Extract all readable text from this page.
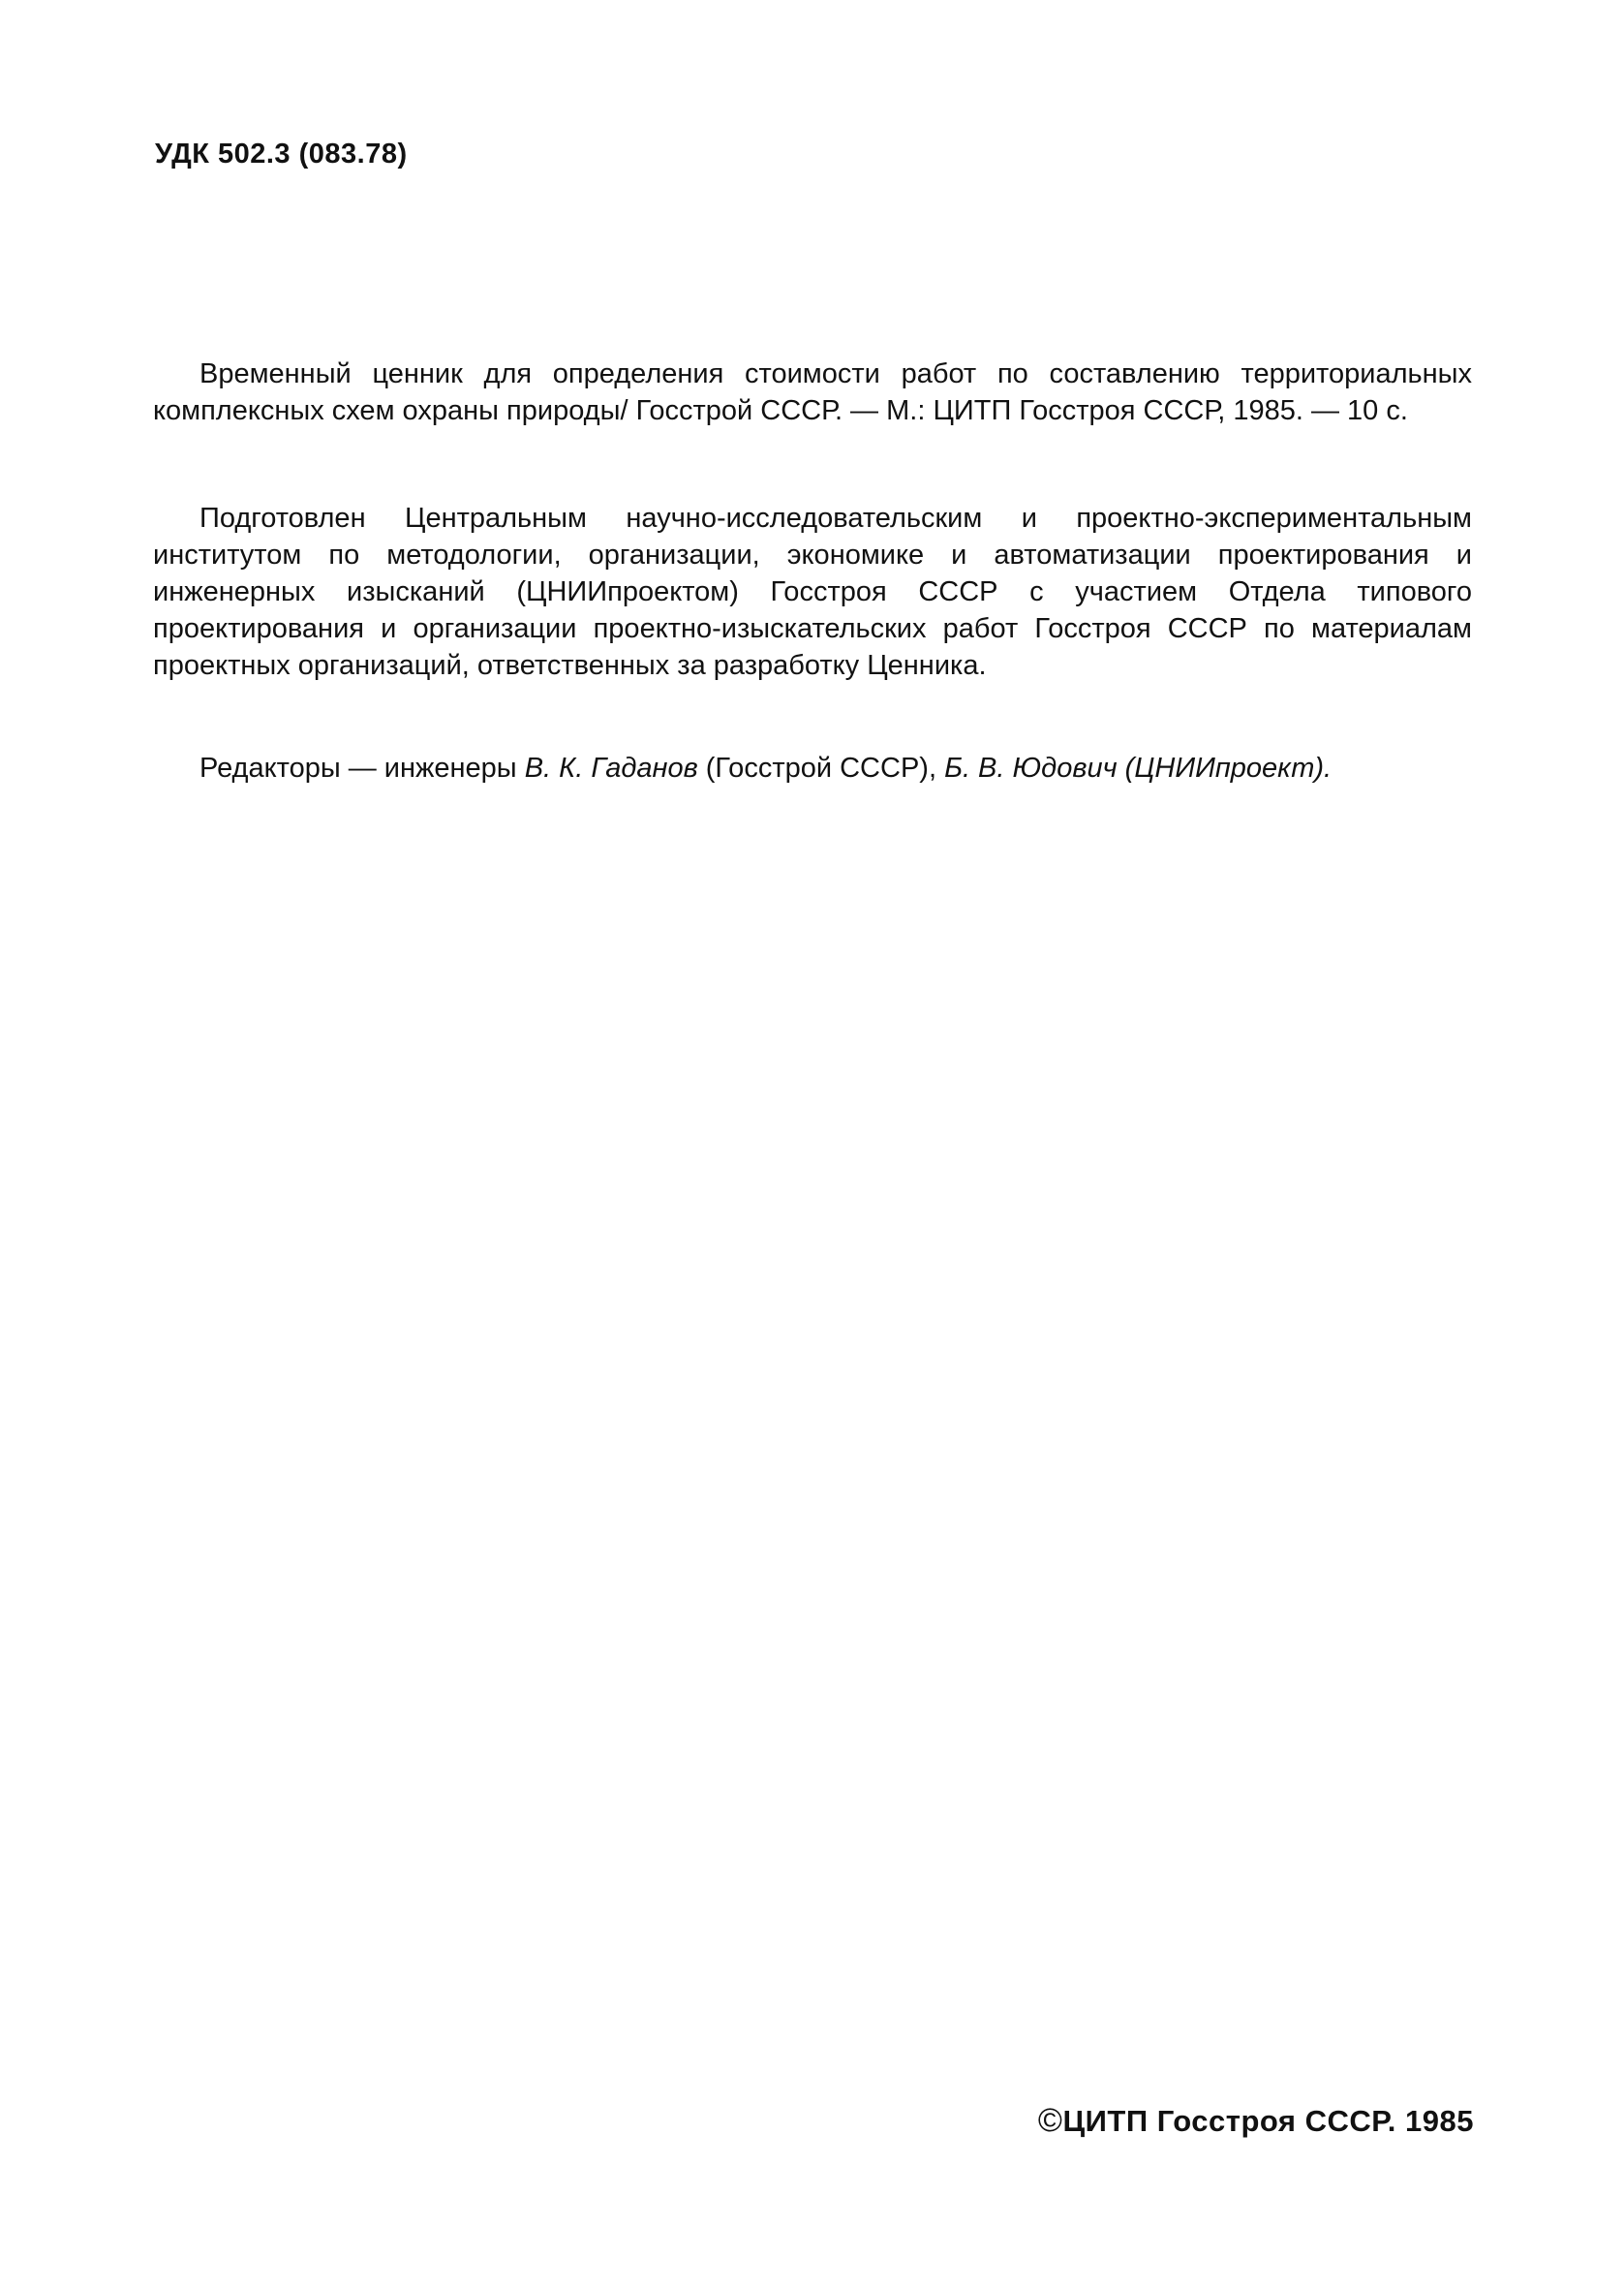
УДК 502.3 (083.78)
Временный ценник для определения стоимости работ по составлению территориальных комплексных схем охраны природы/ Госстрой СССР. — М.: ЦИТП Госстроя СССР, 1985. — 10 с.
Подготовлен Центральным научно-исследовательским и проектно-экспериментальным институтом по методологии, организации, экономике и автоматизации проектирования и инженерных изысканий (ЦНИИпроектом) Госстроя СССР с участием Отдела типового проектирования и организации проектно-изыскательских работ Госстроя СССР по материалам проектных организаций, ответственных за разработку Ценника.
Редакторы — инженеры В. К. Гаданов (Госстрой СССР), Б. В. Юдович (ЦНИИпроект).
©ЦИТП Госстроя СССР. 1985
